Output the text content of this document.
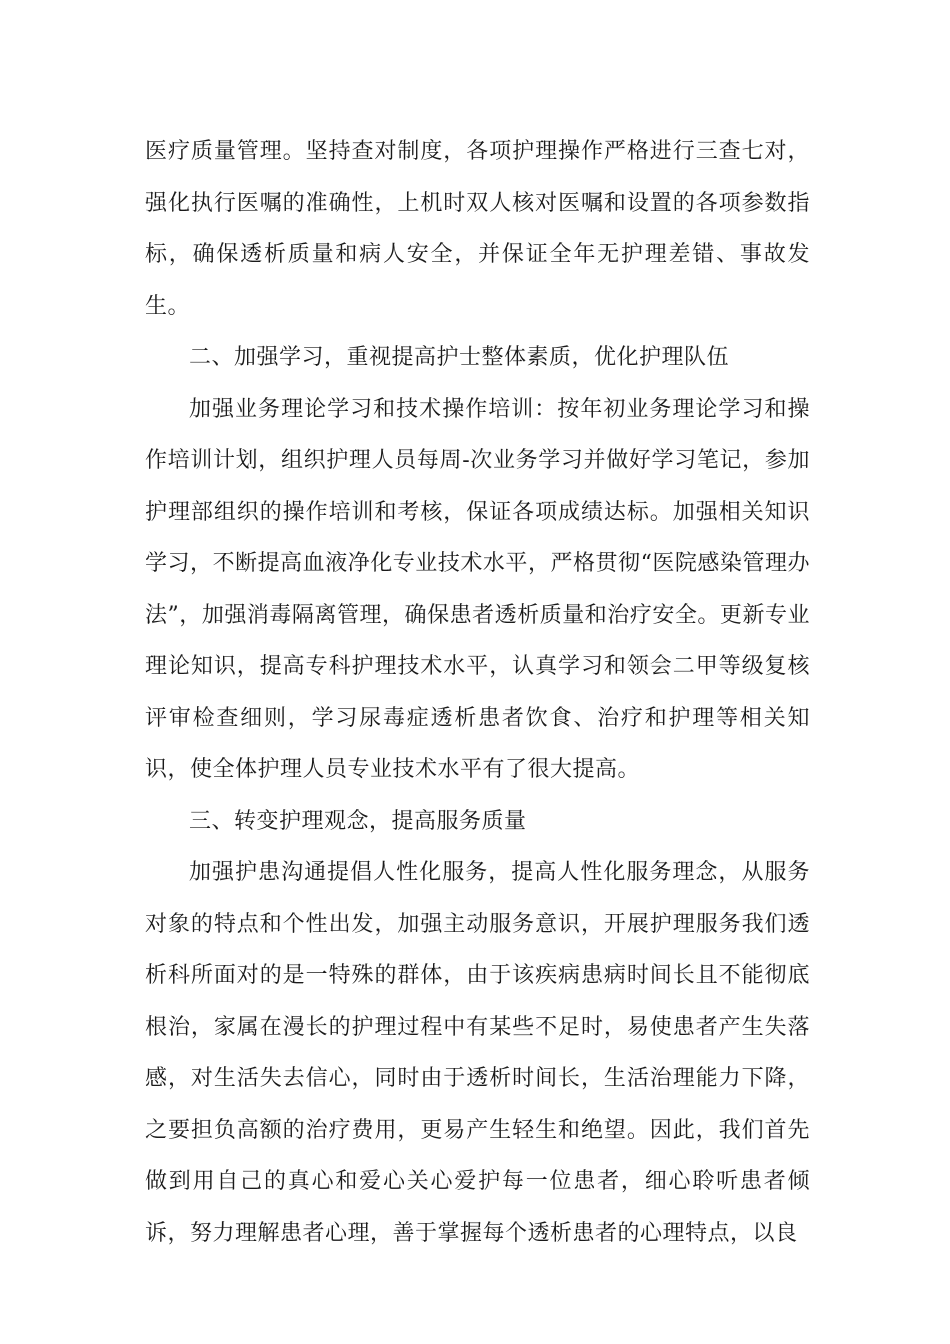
医疗质量管理。坚持查对制度，各项护理操作严格进行三查七对，强化执行医嘱的准确性，上机时双人核对医嘱和设置的各项参数指标，确保透析质量和病人安全，并保证全年无护理差错、事故发生。

二、加强学习，重视提高护士整体素质，优化护理队伍

加强业务理论学习和技术操作培训：按年初业务理论学习和操作培训计划，组织护理人员每周-次业务学习并做好学习笔记，参加护理部组织的操作培训和考核，保证各项成绩达标。加强相关知识学习，不断提高血液净化专业技术水平，严格贯彻“医院感染管理办法”，加强消毒隔离管理，确保患者透析质量和治疗安全。更新专业理论知识，提高专科护理技术水平，认真学习和领会二甲等级复核评审检查细则，学习尿毒症透析患者饮食、治疗和护理等相关知识，使全体护理人员专业技术水平有了很大提高。

三、转变护理观念，提高服务质量

加强护患沟通提倡人性化服务，提高人性化服务理念，从服务对象的特点和个性出发，加强主动服务意识，开展护理服务我们透析科所面对的是一特殊的群体，由于该疾病患病时间长且不能彻底根治，家属在漫长的护理过程中有某些不足时，易使患者产生失落感，对生活失去信心，同时由于透析时间长，生活治理能力下降，之要担负高额的治疗费用，更易产生轻生和绝望。因此，我们首先做到用自己的真心和爱心关心爱护每一位患者，细心聆听患者倾诉，努力理解患者心理，善于掌握每个透析患者的心理特点，以良
